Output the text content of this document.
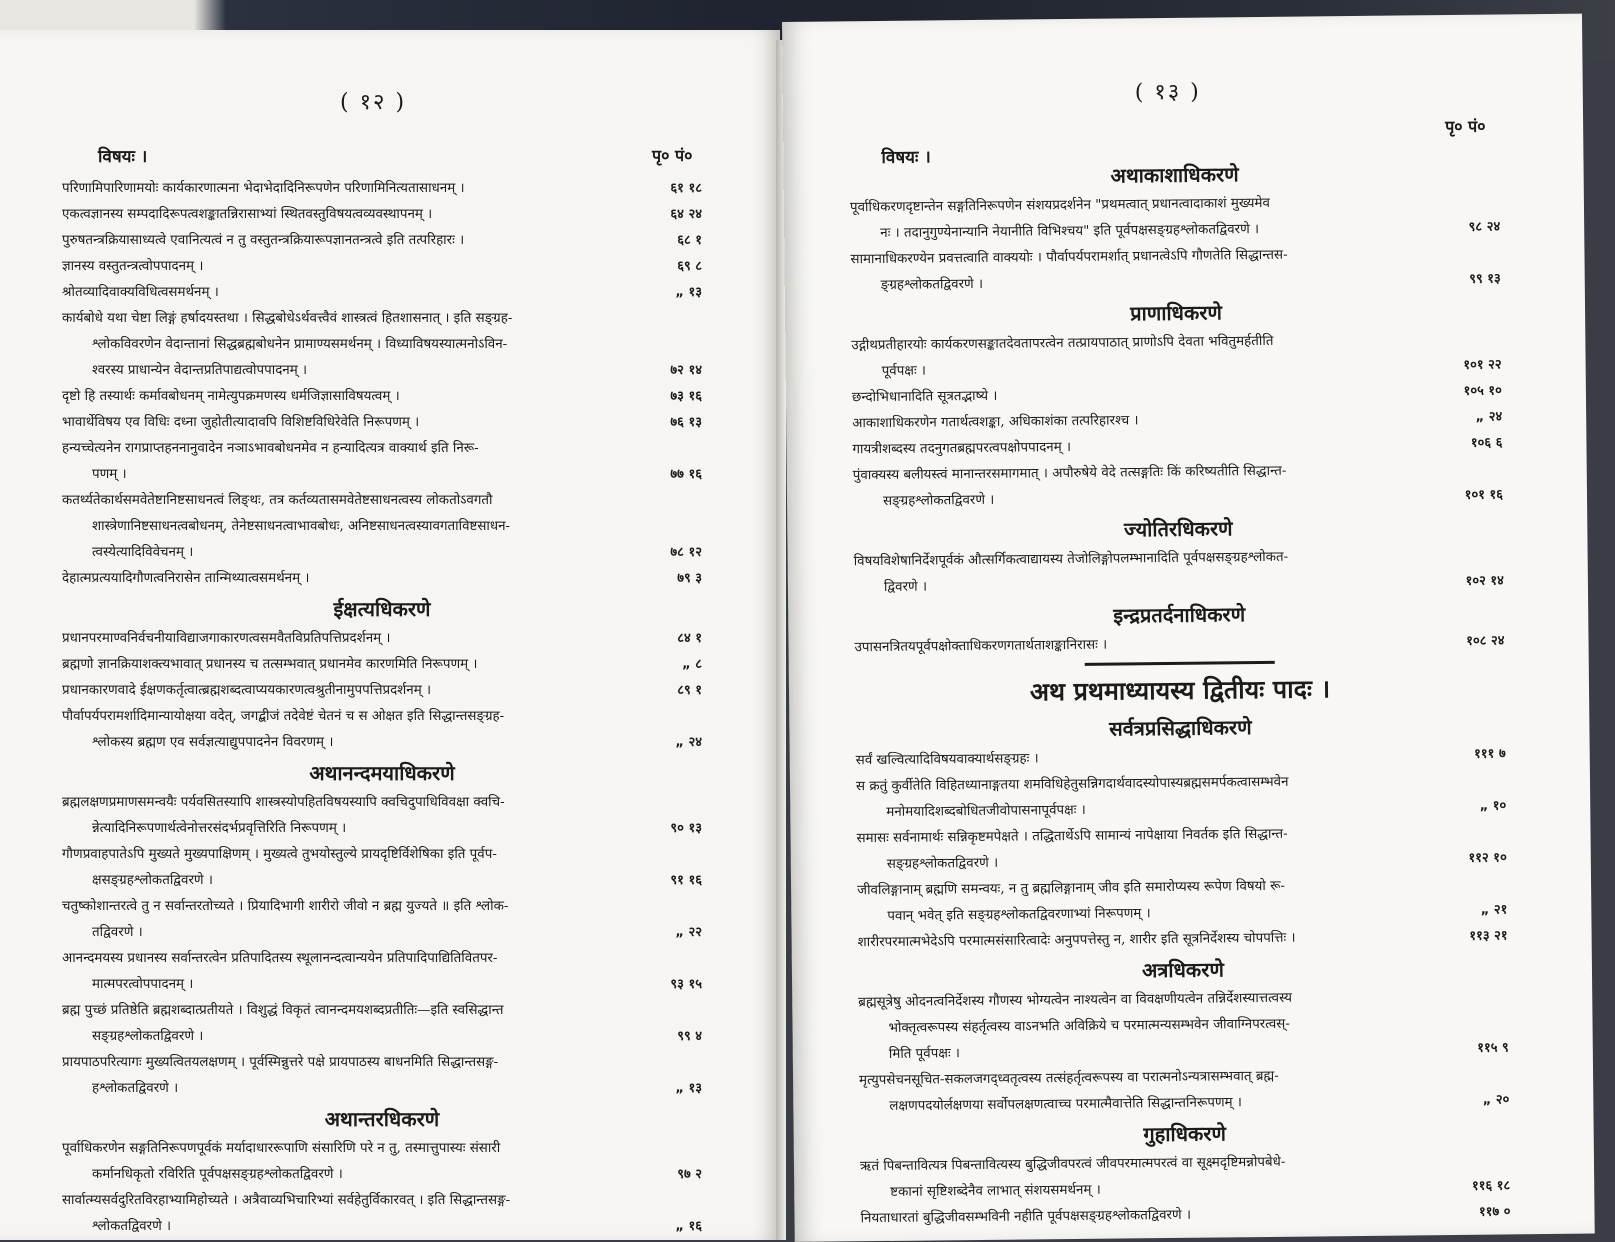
( १२ )
विषयः ।	पृ० पं०
परिणामिपारिणामयोः कार्यकारणात्मना भेदाभेदादिनिरूपणेन परिणामिनित्यतासाधनम् ।	६१ १८
एकत्वज्ञानस्य सम्पदादिरूपत्वशङ्कातन्निरासाभ्यां स्थितवस्तुविषयत्वव्यवस्थापनम् ।	६४ २४
पुरुषतन्त्रक्रियासाध्यत्वे एवानित्यत्वं न तु वस्तुतन्त्रक्रियारूपज्ञानतन्त्रत्वे इति तत्परिहारः ।	६८ १
ज्ञानस्य वस्तुतन्त्रत्वोपपादनम् ।	६९ ८
श्रोतव्यादिवाक्यविधित्वसमर्थनम् ।	„ १३
कार्यबोधे यथा चेष्टा लिङ्गं हर्षादयस्तथा । सिद्धबोधेऽर्थवत्त्वैवं शास्त्रत्वं हितशासनात् । इति सङ्ग्रह-
श्लोकविवरणेन वेदान्तानां सिद्धब्रह्मबोधनेन प्रामाण्यसमर्थनम् । विध्याविषयस्यात्मनोऽविन-
श्वरस्य प्राधान्येन वेदान्तप्रतिपाद्यत्वोपपादनम् ।	७२ १४
दृष्टो हि तस्यार्थः कर्मावबोधनम् नामेत्युपक्रमणस्य धर्मजिज्ञासाविषयत्वम् ।	७३ १६
भावार्थेविषय एव विधिः दध्ना जुहोतीत्यादावपि विशिष्टविधिरेवेति निरूपणम् ।	७६ १३
हन्यच्चेत्यनेन रागप्राप्तहननानुवादेन नञाऽभावबोधनमेव न हन्यादित्यत्र वाक्यार्थ इति निरू-
पणम् ।	७७ १६
कतर्थ्यतेकार्थसमवेतेष्टानिष्टसाधनत्वं लिङ्थः, तत्र कर्तव्यतासमवेतेष्टसाधनत्वस्य लोकतोऽवगतौ
शास्त्रेणानिष्टसाधनत्वबोधनम्, तेनेष्टसाधनत्वाभावबोधः, अनिष्टसाधनत्वस्यावगताविष्टसाधन-
त्वस्येत्यादिविवेचनम् ।	७८ १२
देहात्मप्रत्ययादिगौणत्वनिरासेन तान्मिथ्यात्वसमर्थनम् ।	७९ ३
ईक्षत्यधिकरणे
प्रधानपरमाण्वनिर्वचनीयाविद्याजगाकारणत्वसमवैतविप्रतिपत्तिप्रदर्शनम् ।	८४ १
ब्रह्मणो ज्ञानक्रियाशक्त्यभावात् प्रधानस्य च तत्सम्भवात् प्रधानमेव कारणमिति निरूपणम् ।	„ ८
प्रधानकारणवादे ईक्षणकर्तृत्वात्ब्रह्मशब्दत्वाप्ययकारणत्वश्रुतीनामुपपत्तिप्रदर्शनम् ।	८९ १
पौर्वापर्यपरामर्शादिमान्यायोक्षया वदेत्, जगद्बीजं तदेवेष्टं चेतनं च स ओक्षत इति सिद्धान्तसङ्ग्रह-
श्लोकस्य ब्रह्मण एव सर्वज्ञत्याद्युपपादनेन विवरणम् ।	„ २४
अथानन्दमयाधिकरणे
ब्रह्मलक्षणप्रमाणसमन्वयैः पर्यवसितस्यापि शास्त्रस्योपहितविषयस्यापि क्वचिदुपाधिविवक्षा क्वचि-
न्नेत्यादिनिरूपणार्थत्वेनोत्तरसंदर्भप्रवृत्तिरिति निरूपणम् ।	९० १३
गौणप्रवाहपातेऽपि मुख्यते मुख्यपाक्षिणम् । मुख्यत्वे तुभयोस्तुल्ये प्रायदृष्टिर्विशेषिका इति पूर्वप-
क्षसङ्ग्रहश्लोकतद्विवरणे ।	९१ १६
चतुष्कोशान्तरत्वे तु न सर्वान्तरतोच्यते । प्रियादिभागी शारीरो जीवो न ब्रह्म युज्यते ॥ इति श्लोक-
तद्विवरणे ।	„ २२
आनन्दमयस्य प्रधानस्य सर्वान्तरत्वेन प्रतिपादितस्य स्थूलानन्दत्वान्ययेन प्रतिपादिपाद्यितिवितपर-
मात्मपरत्वोपपादनम् ।	९३ १५
ब्रह्म पुच्छं प्रतिष्ठेति ब्रह्मशब्दात्प्रतीयते । विशुद्धं विकृतं त्वानन्दमयशब्दप्रतीतिः—इति स्वसिद्धान्त
सङ्ग्रहश्लोकतद्विवरणे ।	९९ ४
प्रायपाठपरित्यागः मुख्यत्वितयलक्षणम् । पूर्वस्मिन्नुत्तरे पक्षे प्रायपाठस्य बाधनमिति सिद्धान्तसङ्ग-
हश्लोकतद्विवरणे ।	„ १३
अथान्तरधिकरणे
पूर्वाधिकरणेन सङ्गतिनिरूपणपूर्वकं मर्यादाधाररूपाणि संसारिणि परे न तु, तस्मात्तुपास्यः संसारी
कर्मानधिकृतो रविरिति पूर्वपक्षसङ्ग्रहश्लोकतद्विवरणे ।	९७ २
सार्वात्म्यसर्वदुरितविरहाभ्यामिहोच्यते । अत्रैवाव्यभिचारिभ्यां सर्वहेतुर्विकारवत् । इति सिद्धान्तसङ्ग-
श्लोकतद्विवरणे ।	„ १६
( १३ )
पृ० पं०
विषयः ।
अथाकाशाधिकरणे
पूर्वाधिकरणदृष्टान्तेन सङ्गतिनिरूपणेन संशयप्रदर्शनेन "प्रथमत्वात् प्रधानत्वादाकाशं मुख्यमेव
नः । तदानुगुण्येनान्यानि नेयानीति विभिश्चय" इति पूर्वपक्षसङ्ग्रहश्लोकतद्विवरणे ।	९८ २४
सामानाधिकरण्येन प्रवत्तत्वाति वाक्ययोः । पौर्वापर्यपरामर्शात् प्रधानत्वेऽपि गौणतेति सिद्धान्तस-
ङ्ग्रहश्लोकतद्विवरणे ।	९९ १३
प्राणाधिकरणे
उद्गीथप्रतीहारयोः कार्यकरणसङ्कातदेवतापरत्वेन तत्प्रायपाठात् प्राणोऽपि देवता भवितुमर्हतीति
पूर्वपक्षः ।	१०१ २२
छन्दोभिधानादिति सूत्रतद्भाष्ये ।	१०५ १०
आकाशाधिकरणेन गतार्थत्वशङ्का, अधिकाशंका तत्परिहारश्च ।	„ २४
गायत्रीशब्दस्य तदनुगतब्रह्मपरत्वपक्षोपपादनम् ।	१०६ ६
पुंवाक्यस्य बलीयस्त्वं मानान्तरसमागमात् । अपौरुषेये वेदे तत्सङ्गतिः किं करिष्यतीति सिद्धान्त-
सङ्ग्रहश्लोकतद्विवरणे ।	१०१ १६
ज्योतिरधिकरणे
विषयविशेषानिर्देशपूर्वकं औत्सर्गिकत्वाद्यायस्य तेजोलिङ्गोपलम्भानादिति पूर्वपक्षसङ्ग्रहश्लोकत-
द्विवरणे ।	१०२ १४
इन्द्रप्रतर्दनाधिकरणे
उपासनत्रितयपूर्वपक्षोक्ताधिकरणगतार्थताशङ्कानिरासः ।	१०८ २४
अथ प्रथमाध्यायस्य द्वितीयः पादः ।
सर्वत्रप्रसिद्धाधिकरणे
सर्वं खल्वित्यादिविषयवाक्यार्थसङ्ग्रहः ।	१११ ७
स क्रतुं कुर्वीतेति विहितध्यानाङ्गतया शमविधिहेतुसन्निगदार्थवादस्योपास्यब्रह्मसमर्पकत्वासम्भवेन
मनोमयादिशब्दबोधितजीवोपासनापूर्वपक्षः ।	„ १०
समासः सर्वनामार्थः सन्निकृष्टमपेक्षते । तद्धितार्थेऽपि सामान्यं नापेक्षाया निवर्तक इति सिद्धान्त-
सङ्ग्रहश्लोकतद्विवरणे ।	११२ १०
जीवलिङ्गानाम् ब्रह्मणि समन्वयः, न तु ब्रह्मलिङ्गानाम् जीव इति समारोप्यस्य रूपेण विषयो रू-
पवान् भवेत् इति सङ्ग्रहश्लोकतद्विवरणाभ्यां निरूपणम् ।	„ २१
शारीरपरमात्मभेदेऽपि परमात्मसंसारित्वादेः अनुपपत्तेस्तु न, शारीर इति सूत्रनिर्देशस्य चोपपत्तिः ।	११३ २१
अत्रधिकरणे
ब्रह्मसूत्रेषु ओदनत्वनिर्देशस्य गौणस्य भोग्यत्वेन नाश्यत्वेन वा विवक्षणीयत्वेन तन्निर्देशस्यात्तत्वस्य
भोक्तृत्वरूपस्य संहर्तृत्वस्य वाऽनभति अविक्रिये च परमात्मन्यसम्भवेन जीवाग्निपरत्वस्-
मिति पूर्वपक्षः ।	११५ ९
मृत्युपसेचनसूचित-सकलजगद्ध्वतृत्वस्य तत्संहर्तृत्वरूपस्य वा परात्मनोऽन्यत्रासम्भवात् ब्रह्म-
लक्षणपदयोर्लक्षणया सर्वोपलक्षणत्वाच्च परमात्मैवात्तेति सिद्धान्तनिरूपणम् ।	„ २०
गुहाधिकरणे
ऋतं पिबन्तावित्यत्र पिबन्तावित्यस्य बुद्धिजीवपरत्वं जीवपरमात्मपरत्वं वा सूक्ष्मदृष्टिमन्नोपबेधे-
ष्टकानां सृष्टिशब्देनैव लाभात् संशयसमर्थनम् ।	११६ १८
नियताधारतां बुद्धिजीवसम्भविनी नहीति पूर्वपक्षसङ्ग्रहश्लोकतद्विवरणे ।	११७ ०
